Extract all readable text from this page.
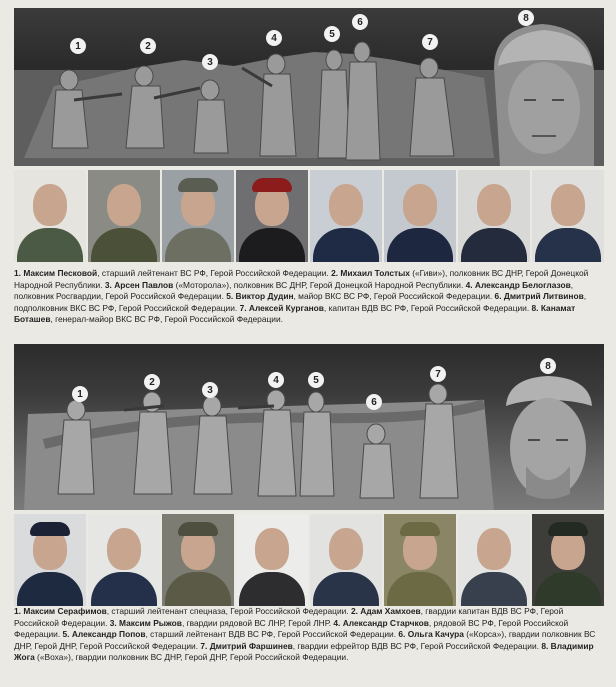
1	2
3
4	5
6
7
8
1. Максим Песковой, старший лейтенант ВС РФ, Герой Российской Федерации. 2. Михаил Толстых («Гиви»), полковник ВС ДНР, Герой Донецкой Народной Республики. 3. Арсен Павлов («Моторола»), полковник ВС ДНР, Герой Донецкой Народной Республики. 4. Александр Белоглазов, полковник Росгвардии, Герой Российской Федерации. 5. Виктор Дудин, майор ВКС ВС РФ, Герой Российской Федерации. 6. Дмитрий Литвинов, подполковник ВКС ВС РФ, Герой Российской Федерации. 7. Алексей Курганов, капитан ВДВ ВС РФ, Герой Российской Федерации. 8. Канамат Боташев, генерал-майор ВКС ВС РФ, Герой Российской Федерации.
1
2
3
4	5
6
7
8
1. Максим Серафимов, старший лейтенант спецназа, Герой Российской Федерации. 2. Адам Хамхоев, гвардии капитан ВДВ ВС РФ, Герой Российской Федерации. 3. Максим Рыжов, гвардии рядовой ВС ЛНР, Герой ЛНР. 4. Александр Старчков, рядовой ВС РФ, Герой Российской Федерации. 5. Александр Попов, старший лейтенант ВДВ ВС РФ, Герой Российской Федерации. 6. Ольга Качура («Корса»), гвардии полковник ВС ДНР, Герой ДНР, Герой Российской Федерации. 7. Дмитрий Фаршинев, гвардии ефрейтор ВДВ ВС РФ, Герой Российской Федерации. 8. Владимир Жога («Воха»), гвардии полковник ВС ДНР, Герой ДНР, Герой Российской Федерации.
